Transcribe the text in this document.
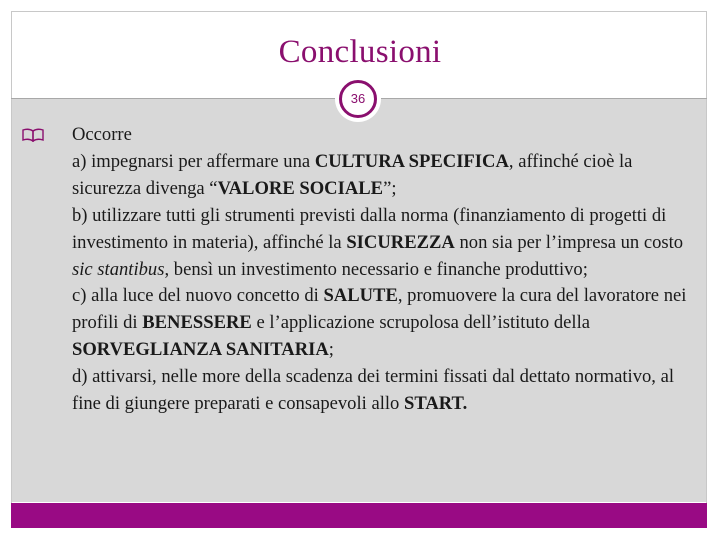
Conclusioni
36

Occorre

a) impegnarsi per affermare una CULTURA SPECIFICA, affinché cioè la sicurezza divenga “VALORE SOCIALE”;

b) utilizzare tutti gli strumenti previsti dalla norma (finanziamento di progetti di investimento in materia), affinché la SICUREZZA non sia per l’impresa un costo sic stantibus, bensì un investimento necessario e finanche produttivo;

c) alla luce del nuovo concetto di SALUTE, promuovere la cura del lavoratore nei profili di BENESSERE e l’applicazione scrupolosa dell’istituto della SORVEGLIANZA SANITARIA;

d) attivarsi, nelle more della scadenza dei termini fissati dal dettato normativo, al fine di giungere preparati e consapevoli allo START.
